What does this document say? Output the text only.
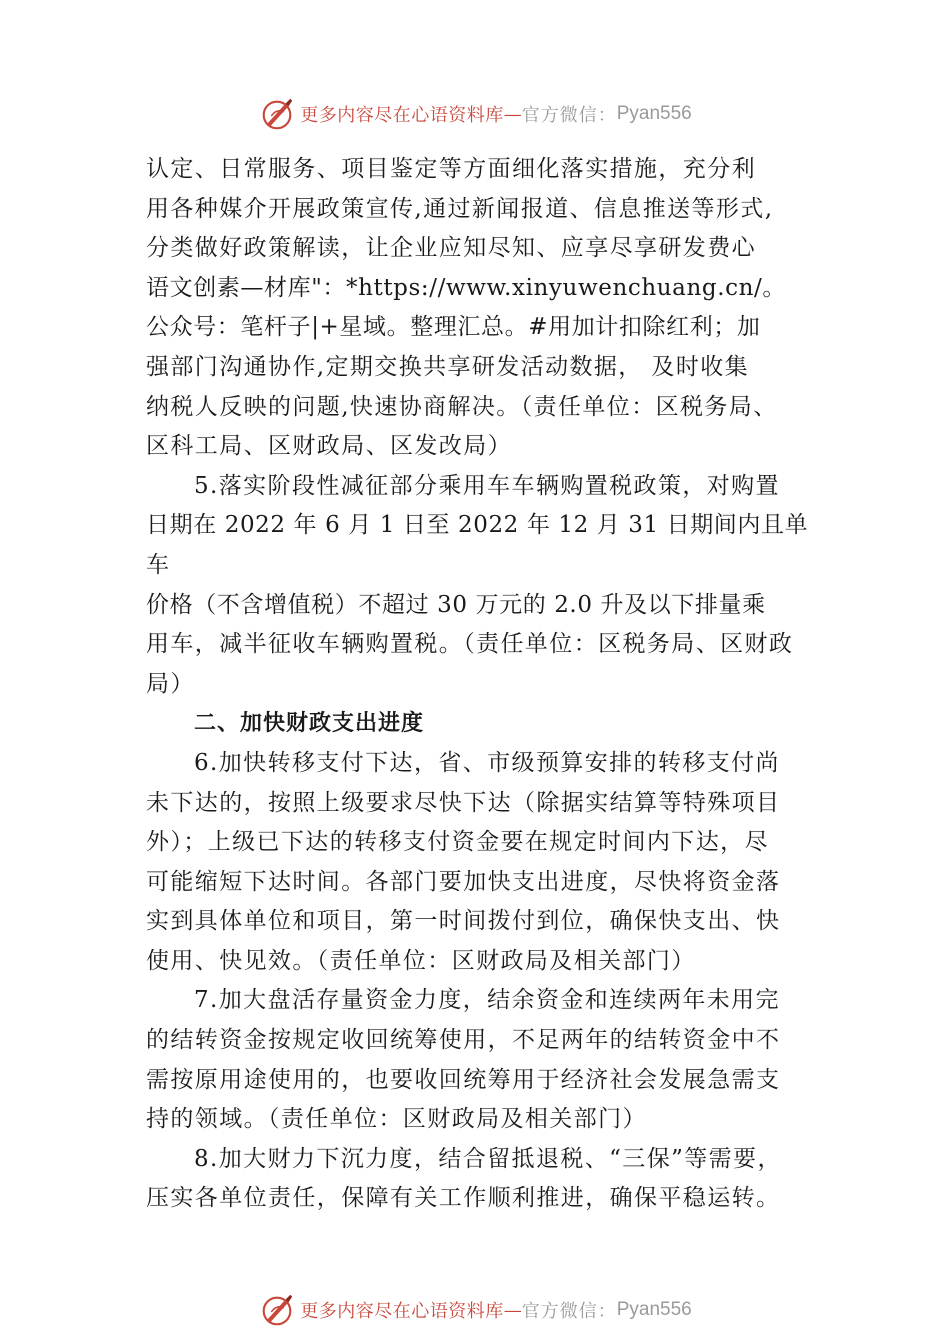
更多内容尽在心语资料库 — 官方微信： Pyan556
认定、日常服务、项目鉴定等方面细化落实措施，充分利
用各种媒介开展政策宣传,通过新闻报道、信息推送等形式,
分类做好政策解读，让企业应知尽知、应享尽享研发费心
语文创素—材库"：*https://www.xinyuwenchuang.cn/。
公众号：笔杆子|+星域。整理汇总。#用加计扣除红利；加
强部门沟通协作,定期交换共享研发活动数据， 及时收集
纳税人反映的问题,快速协商解决。（责任单位：区税务局、
区科工局、区财政局、区发改局）
5.落实阶段性减征部分乘用车车辆购置税政策，对购置
日期在 2022 年 6 月 1 日至 2022 年 12 月 31 日期间内且单
车
价格（不含增值税）不超过 30 万元的 2.0 升及以下排量乘
用车，减半征收车辆购置税。（责任单位：区税务局、区财政
局）
二、加快财政支出进度
6.加快转移支付下达，省、市级预算安排的转移支付尚
未下达的，按照上级要求尽快下达（除据实结算等特殊项目
外）；上级已下达的转移支付资金要在规定时间内下达，尽
可能缩短下达时间。各部门要加快支出进度，尽快将资金落
实到具体单位和项目，第一时间拨付到位，确保快支出、快
使用、快见效。（责任单位：区财政局及相关部门）
7.加大盘活存量资金力度，结余资金和连续两年未用完
的结转资金按规定收回统筹使用，不足两年的结转资金中不
需按原用途使用的，也要收回统筹用于经济社会发展急需支
持的领域。（责任单位：区财政局及相关部门）
8.加大财力下沉力度，结合留抵退税、“三保”等需要，
压实各单位责任，保障有关工作顺利推进，确保平稳运转。
更多内容尽在心语资料库 — 官方微信： Pyan556
